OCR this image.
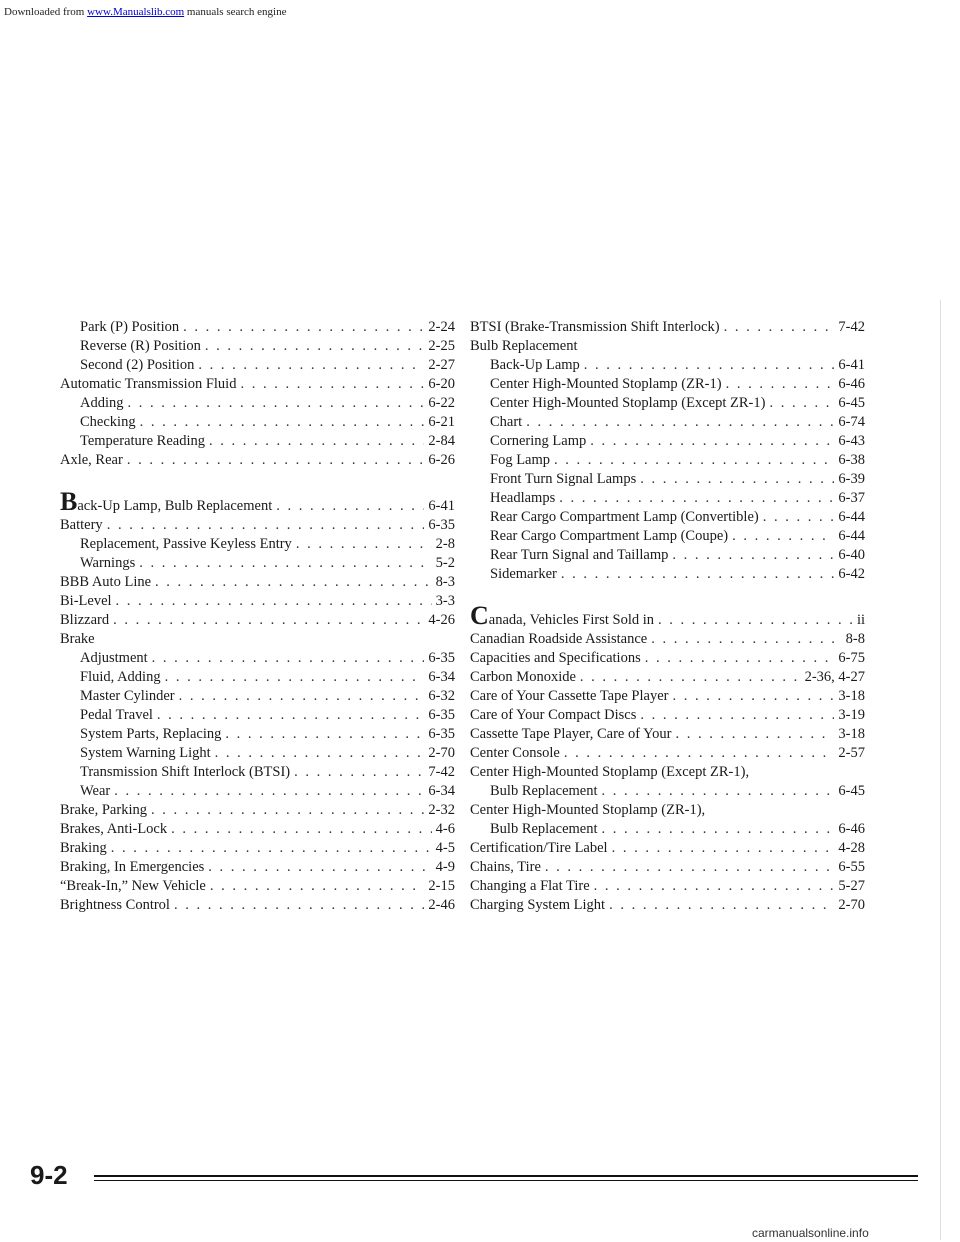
Downloaded from www.Manualslib.com manuals search engine
Park (P) Position . . .	2-24
Reverse (R) Position . . .	2-25
Second (2) Position . . .	2-27
Automatic Transmission Fluid . . .	6-20
Adding . . .	6-22
Checking . . .	6-21
Temperature Reading . . .	2-84
Axle, Rear . . .	6-26
Back-Up Lamp, Bulb Replacement . . .	6-41
Battery . . .	6-35
Replacement, Passive Keyless Entry . . .	2-8
Warnings . . .	5-2
BBB Auto Line . . .	8-3
Bi-Level . . .	3-3
Blizzard . . .	4-26
Brake
Adjustment . . .	6-35
Fluid, Adding . . .	6-34
Master Cylinder . . .	6-32
Pedal Travel . . .	6-35
System Parts, Replacing . . .	6-35
System Warning Light . . .	2-70
Transmission Shift Interlock (BTSI) . . .	7-42
Wear . . .	6-34
Brake, Parking . . .	2-32
Brakes, Anti-Lock . . .	4-6
Braking . . .	4-5
Braking, In Emergencies . . .	4-9
“Break-In,” New Vehicle . . .	2-15
Brightness Control . . .	2-46
BTSI (Brake-Transmission Shift Interlock) . . .	7-42
Bulb Replacement
Back-Up Lamp . . .	6-41
Center High-Mounted Stoplamp (ZR-1) . . .	6-46
Center High-Mounted Stoplamp (Except ZR-1) . . .	6-45
Chart . . .	6-74
Cornering Lamp . . .	6-43
Fog Lamp . . .	6-38
Front Turn Signal Lamps . . .	6-39
Headlamps . . .	6-37
Rear Cargo Compartment Lamp (Convertible) . . .	6-44
Rear Cargo Compartment Lamp (Coupe) . . .	6-44
Rear Turn Signal and Taillamp . . .	6-40
Sidemarker . . .	6-42
Canada, Vehicles First Sold in . . .	ii
Canadian Roadside Assistance . . .	8-8
Capacities and Specifications . . .	6-75
Carbon Monoxide . . .	2-36, 4-27
Care of Your Cassette Tape Player . . .	3-18
Care of Your Compact Discs . . .	3-19
Cassette Tape Player, Care of Your . . .	3-18
Center Console . . .	2-57
Center High-Mounted Stoplamp (Except ZR-1),
Bulb Replacement . . .	6-45
Center High-Mounted Stoplamp (ZR-1),
Bulb Replacement . . .	6-46
Certification/Tire Label . . .	4-28
Chains, Tire . . .	6-55
Changing a Flat Tire . . .	5-27
Charging System Light . . .	2-70
9-2
carmanualsonline.info
